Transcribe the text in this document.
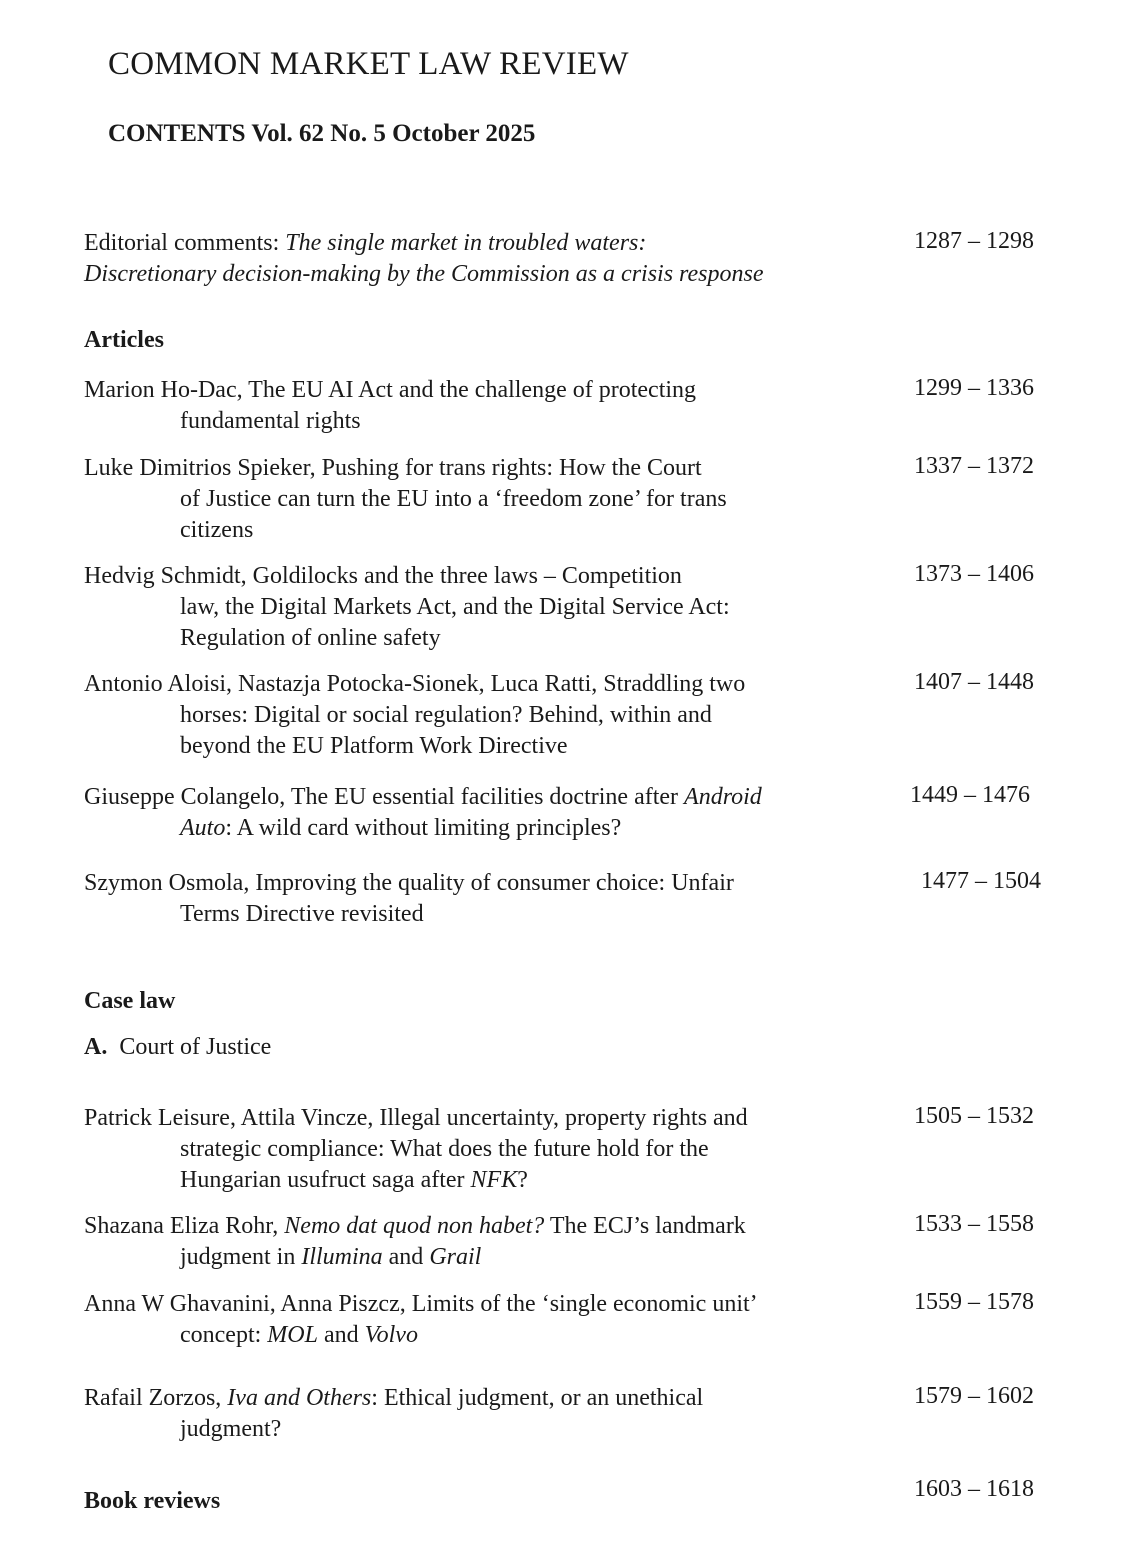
COMMON MARKET LAW REVIEW
CONTENTS Vol. 62 No. 5 October 2025
Editorial comments: The single market in troubled waters:
Discretionary decision-making by the Commission as a crisis response
1287 – 1298
Articles
Marion Ho-Dac, The EU AI Act and the challenge of protecting
fundamental rights
1299 – 1336
Luke Dimitrios Spieker, Pushing for trans rights: How the Court
of Justice can turn the EU into a ‘freedom zone’ for trans
citizens
1337 – 1372
Hedvig Schmidt, Goldilocks and the three laws – Competition
law, the Digital Markets Act, and the Digital Service Act:
Regulation of online safety
1373 – 1406
Antonio Aloisi, Nastazja Potocka-Sionek, Luca Ratti, Straddling two
horses: Digital or social regulation? Behind, within and
beyond the EU Platform Work Directive
1407 – 1448
Giuseppe Colangelo, The EU essential facilities doctrine after Android
Auto: A wild card without limiting principles?
1449 – 1476
Szymon Osmola, Improving the quality of consumer choice: Unfair
Terms Directive revisited
1477 – 1504
Case law
A. Court of Justice
Patrick Leisure, Attila Vincze, Illegal uncertainty, property rights and
strategic compliance: What does the future hold for the
Hungarian usufruct saga after NFK?
1505 – 1532
Shazana Eliza Rohr, Nemo dat quod non habet? The ECJ’s landmark
judgment in Illumina and Grail
1533 – 1558
Anna W Ghavanini, Anna Piszcz, Limits of the ‘single economic unit’
concept: MOL and Volvo
1559 – 1578
Rafail Zorzos, Iva and Others: Ethical judgment, or an unethical
judgment?
1579 – 1602
Book reviews	1603 – 1618
